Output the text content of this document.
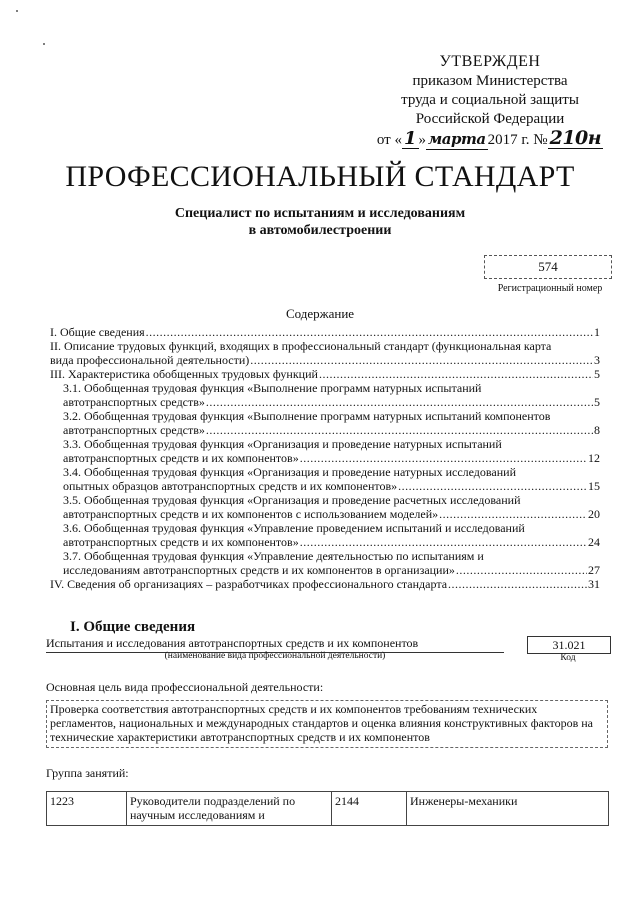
УТВЕРЖДЕН
приказом Министерства
труда и социальной защиты
Российской Федерации
от « 1 » марта 2017 г. № 210н
ПРОФЕССИОНАЛЬНЫЙ СТАНДАРТ
Специалист по испытаниям и исследованиям
в автомобилестроении
574
Регистрационный номер
Содержание
I. Общие сведения .....	1
II. Описание трудовых функций, входящих в профессиональный стандарт (функциональная карта
вида профессиональной деятельности) .....	3
III. Характеристика обобщенных трудовых функций .....	5
3.1. Обобщенная трудовая функция «Выполнение программ натурных испытаний
автотранспортных средств» .....	5
3.2. Обобщенная трудовая функция «Выполнение программ натурных испытаний компонентов
автотранспортных средств» .....	8
3.3. Обобщенная трудовая функция «Организация и проведение натурных испытаний
автотранспортных средств и их компонентов» .....	12
3.4. Обобщенная трудовая функция «Организация и проведение натурных исследований
опытных образцов автотранспортных средств и их компонентов» .....	15
3.5. Обобщенная трудовая функция «Организация и проведение расчетных исследований
автотранспортных средств и их компонентов с использованием моделей» .....	20
3.6. Обобщенная трудовая функция «Управление проведением испытаний и исследований
автотранспортных средств и их компонентов» .....	24
3.7. Обобщенная трудовая функция «Управление деятельностью по испытаниям и
исследованиям автотранспортных средств и их компонентов в организации» .....	27
IV. Сведения об организациях – разработчиках профессионального стандарта .....	31
I. Общие сведения
Испытания и исследования автотранспортных средств и их компонентов
(наименование вида профессиональной деятельности)
31.021
Код
Основная цель вида профессиональной деятельности:
Проверка соответствия автотранспортных средств и их компонентов требованиям технических регламентов, национальных и международных стандартов и оценка влияния конструктивных факторов на технические характеристики автотранспортных средств и их компонентов
Группа занятий:
1223	Руководители подразделений по научным исследованиям и	2144	Инженеры-механики
